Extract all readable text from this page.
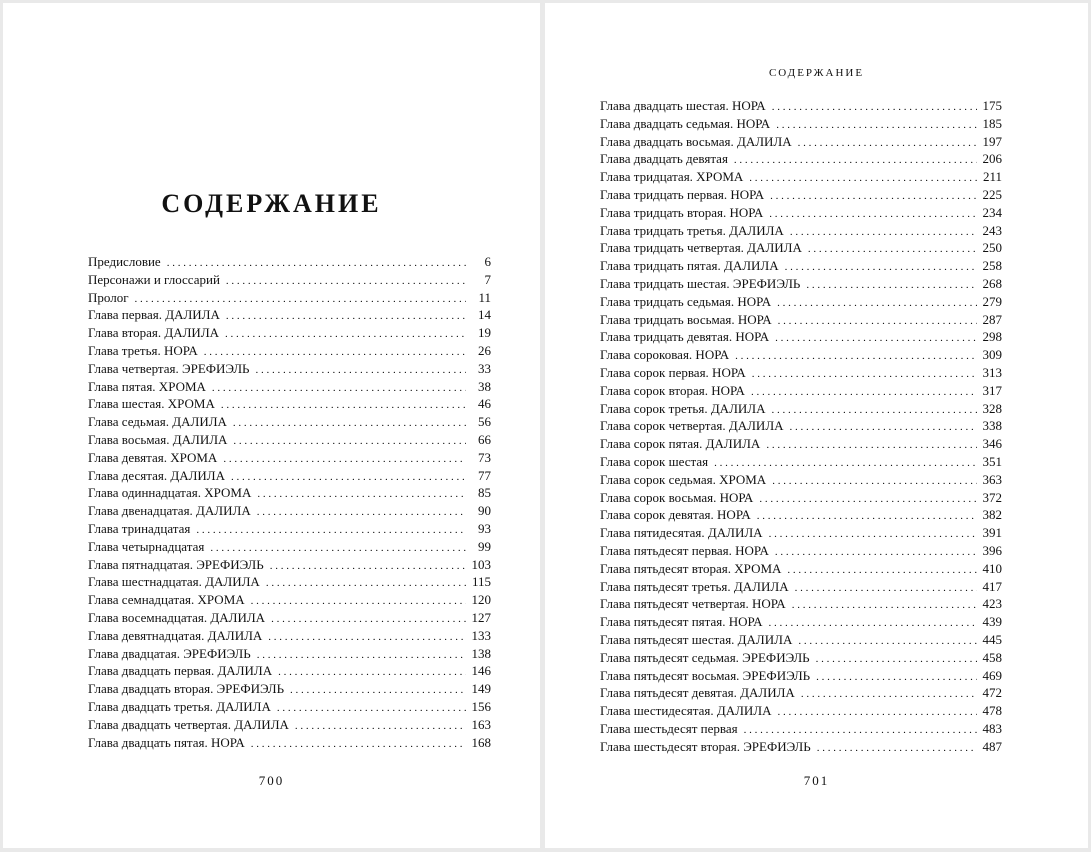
СОДЕРЖАНИЕ
Предисловие . . .	6
Персонажи и глоссарий . . .	7
Пролог . . .	11
Глава первая. ДАЛИЛА . . .	14
Глава вторая. ДАЛИЛА . . .	19
Глава третья. НОРА . . .	26
Глава четвертая. ЭРЕФИЭЛЬ . . .	33
Глава пятая. ХРОМА . . .	38
Глава шестая. ХРОМА . . .	46
Глава седьмая. ДАЛИЛА . . .	56
Глава восьмая. ДАЛИЛА . . .	66
Глава девятая. ХРОМА . . .	73
Глава десятая. ДАЛИЛА . . .	77
Глава одиннадцатая. ХРОМА . . .	85
Глава двенадцатая. ДАЛИЛА . . .	90
Глава тринадцатая . . .	93
Глава четырнадцатая . . .	99
Глава пятнадцатая. ЭРЕФИЭЛЬ . . .	103
Глава шестнадцатая. ДАЛИЛА . . .	115
Глава семнадцатая. ХРОМА . . .	120
Глава восемнадцатая. ДАЛИЛА . . .	127
Глава девятнадцатая. ДАЛИЛА . . .	133
Глава двадцатая. ЭРЕФИЭЛЬ . . .	138
Глава двадцать первая. ДАЛИЛА . . .	146
Глава двадцать вторая. ЭРЕФИЭЛЬ . . .	149
Глава двадцать третья. ДАЛИЛА . . .	156
Глава двадцать четвертая. ДАЛИЛА . . .	163
Глава двадцать пятая. НОРА . . .	168
700
СОДЕРЖАНИЕ
Глава двадцать шестая. НОРА . . .	175
Глава двадцать седьмая. НОРА . . .	185
Глава двадцать восьмая. ДАЛИЛА . . .	197
Глава двадцать девятая . . .	206
Глава тридцатая. ХРОМА . . .	211
Глава тридцать первая. НОРА . . .	225
Глава тридцать вторая. НОРА . . .	234
Глава тридцать третья. ДАЛИЛА . . .	243
Глава тридцать четвертая. ДАЛИЛА . . .	250
Глава тридцать пятая. ДАЛИЛА . . .	258
Глава тридцать шестая. ЭРЕФИЭЛЬ . . .	268
Глава тридцать седьмая. НОРА . . .	279
Глава тридцать восьмая. НОРА . . .	287
Глава тридцать девятая. НОРА . . .	298
Глава сороковая. НОРА . . .	309
Глава сорок первая. НОРА . . .	313
Глава сорок вторая. НОРА . . .	317
Глава сорок третья. ДАЛИЛА . . .	328
Глава сорок четвертая. ДАЛИЛА . . .	338
Глава сорок пятая. ДАЛИЛА . . .	346
Глава сорок шестая . . .	351
Глава сорок седьмая. ХРОМА . . .	363
Глава сорок восьмая. НОРА . . .	372
Глава сорок девятая. НОРА . . .	382
Глава пятидесятая. ДАЛИЛА . . .	391
Глава пятьдесят первая. НОРА . . .	396
Глава пятьдесят вторая. ХРОМА . . .	410
Глава пятьдесят третья. ДАЛИЛА . . .	417
Глава пятьдесят четвертая. НОРА . . .	423
Глава пятьдесят пятая. НОРА . . .	439
Глава пятьдесят шестая. ДАЛИЛА . . .	445
Глава пятьдесят седьмая. ЭРЕФИЭЛЬ . . .	458
Глава пятьдесят восьмая. ЭРЕФИЭЛЬ . . .	469
Глава пятьдесят девятая. ДАЛИЛА . . .	472
Глава шестидесятая. ДАЛИЛА . . .	478
Глава шестьдесят первая . . .	483
Глава шестьдесят вторая. ЭРЕФИЭЛЬ . . .	487
701
